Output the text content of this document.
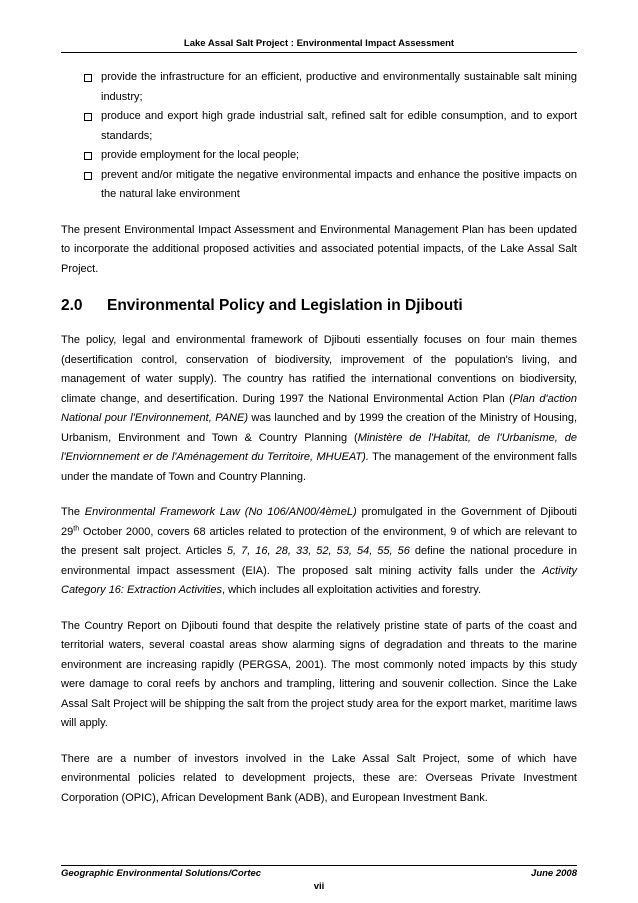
Lake Assal Salt Project : Environmental Impact Assessment
provide the infrastructure for an efficient, productive and environmentally sustainable salt mining industry;
produce and export high grade industrial salt, refined salt for edible consumption, and to export standards;
provide employment for the local people;
prevent and/or mitigate the negative environmental impacts and enhance the positive impacts on the natural lake environment

The present Environmental Impact Assessment and Environmental Management Plan has been updated to incorporate the additional proposed activities and associated potential impacts, of the Lake Assal Salt Project.

2.0 Environmental Policy and Legislation in Djibouti

The policy, legal and environmental framework of Djibouti essentially focuses on four main themes (desertification control, conservation of biodiversity, improvement of the population's living, and management of water supply). The country has ratified the international conventions on biodiversity, climate change, and desertification. During 1997 the National Environmental Action Plan (Plan d'action National pour l'Environnement, PANE) was launched and by 1999 the creation of the Ministry of Housing, Urbanism, Environment and Town & Country Planning (Ministère de l'Habitat, de l'Urbanisme, de l'Enviornnement er de l'Aménagement du Territoire, MHUEAT). The management of the environment falls under the mandate of Town and Country Planning.

The Environmental Framework Law (No 106/AN00/4èmeL) promulgated in the Government of Djibouti 29th October 2000, covers 68 articles related to protection of the environment, 9 of which are relevant to the present salt project. Articles 5, 7, 16, 28, 33, 52, 53, 54, 55, 56 define the national procedure in environmental impact assessment (EIA). The proposed salt mining activity falls under the Activity Category 16: Extraction Activities, which includes all exploitation activities and forestry.

The Country Report on Djibouti found that despite the relatively pristine state of parts of the coast and territorial waters, several coastal areas show alarming signs of degradation and threats to the marine environment are increasing rapidly (PERGSA, 2001). The most commonly noted impacts by this study were damage to coral reefs by anchors and trampling, littering and souvenir collection. Since the Lake Assal Salt Project will be shipping the salt from the project study area for the export market, maritime laws will apply.

There are a number of investors involved in the Lake Assal Salt Project, some of which have environmental policies related to development projects, these are: Overseas Private Investment Corporation (OPIC), African Development Bank (ADB), and European Investment Bank.

Geographic Environmental Solutions/Cortec	June 2008
vii
